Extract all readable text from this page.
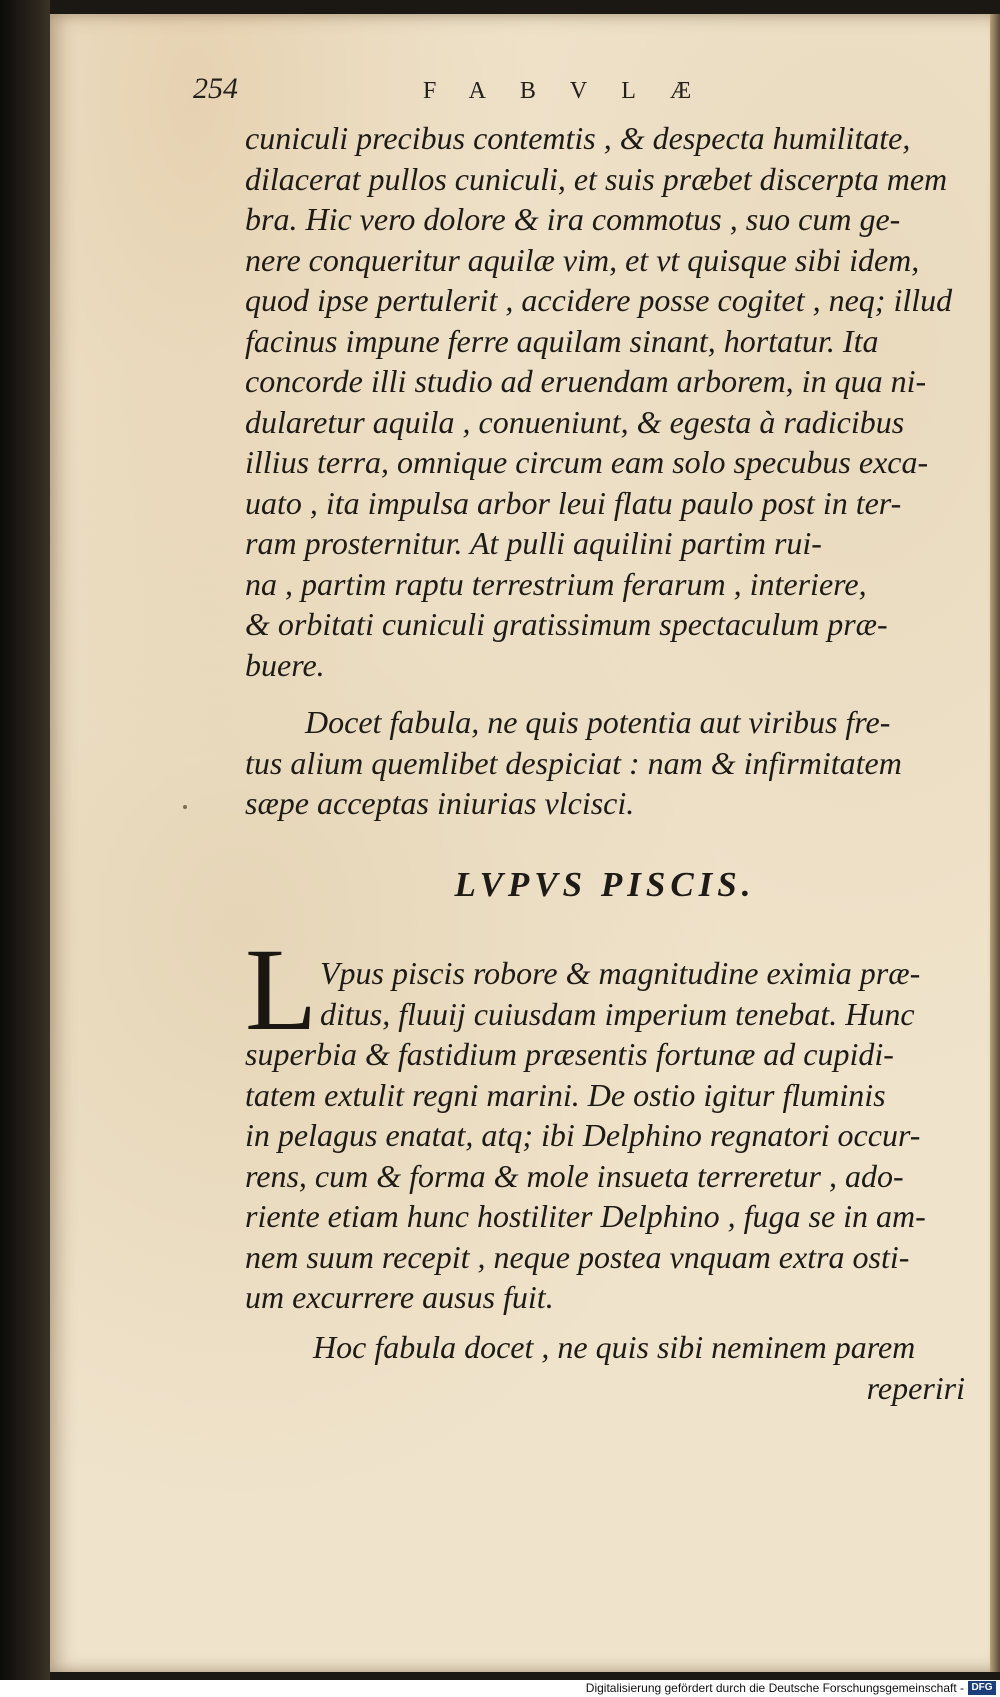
254	FABVLÆ

cuniculi precibus contemtis , & despecta humilitate,
dilacerat pullos cuniculi, et suis præbet discerpta mem
bra. Hic vero dolore & ira commotus , suo cum ge-
nere conqueritur aquilæ vim, et vt quisque sibi idem,
quod ipse pertulerit , accidere posse cogitet , neq; illud
facinus impune ferre aquilam sinant, hortatur. Ita
concorde illi studio ad eruendam arborem, in qua ni-
dularetur aquila , conueniunt, & egesta à radicibus
illius terra, omnique circum eam solo specubus exca-
uato , ita impulsa arbor leui flatu paulo post in ter-
ram prosternitur. At pulli aquilini partim rui-
na , partim raptu terrestrium ferarum , interiere,
& orbitati cuniculi gratissimum spectaculum præ-
buere.

Docet fabula, ne quis potentia aut viribus fre-
tus alium quemlibet despiciat : nam & infirmitatem
sæpe acceptas iniurias vlcisci.

LVPVS PISCIS.
L Vpus piscis robore & magnitudine eximia præ-
ditus, fluuij cuiusdam imperium tenebat. Hunc
superbia & fastidium præsentis fortunæ ad cupidi-
tatem extulit regni marini. De ostio igitur fluminis
in pelagus enatat, atq; ibi Delphino regnatori occur-
rens, cum & forma & mole insueta terreretur , ado-
riente etiam hunc hostiliter Delphino , fuga se in am-
nem suum recepit , neque postea vnquam extra osti-
um excurrere ausus fuit.

Hoc fabula docet , ne quis sibi neminem parem
reperiri

Digitalisierung gefördert durch die Deutsche Forschungsgemeinschaft - DFG
